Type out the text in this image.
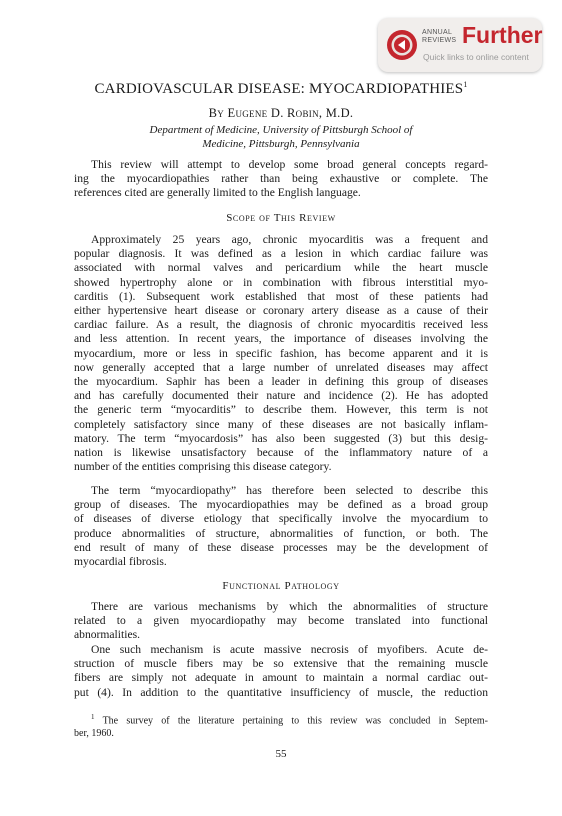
ANNUAL
REVIEWS Further
Quick links to online content
CARDIOVASCULAR DISEASE: MYOCARDIOPATHIES$^1$
By Eugene D. Robin, M.D.
Department of Medicine, University of Pittsburgh School of
Medicine, Pittsburgh, Pennsylvania
This review will attempt to develop some broad general concepts regard-
ing the myocardiopathies rather than being exhaustive or complete. The
references cited are generally limited to the English language.
Scope of This Review
Approximately 25 years ago, chronic myocarditis was a frequent and
popular diagnosis. It was defined as a lesion in which cardiac failure was
associated with normal valves and pericardium while the heart muscle
showed hypertrophy alone or in combination with fibrous interstitial myo-
carditis (1). Subsequent work established that most of these patients had
either hypertensive heart disease or coronary artery disease as a cause of their
cardiac failure. As a result, the diagnosis of chronic myocarditis received less
and less attention. In recent years, the importance of diseases involving the
myocardium, more or less in specific fashion, has become apparent and it is
now generally accepted that a large number of unrelated diseases may affect
the myocardium. Saphir has been a leader in defining this group of diseases
and has carefully documented their nature and incidence (2). He has adopted
the generic term “myocarditis” to describe them. However, this term is not
completely satisfactory since many of these diseases are not basically inflam-
matory. The term “myocardosis” has also been suggested (3) but this desig-
nation is likewise unsatisfactory because of the inflammatory nature of a
number of the entities comprising this disease category.
The term “myocardiopathy” has therefore been selected to describe this
group of diseases. The myocardiopathies may be defined as a broad group
of diseases of diverse etiology that specifically involve the myocardium to
produce abnormalities of structure, abnormalities of function, or both. The
end result of many of these disease processes may be the development of
myocardial fibrosis.
Functional Pathology
There are various mechanisms by which the abnormalities of structure
related to a given myocardiopathy may become translated into functional
abnormalities.
One such mechanism is acute massive necrosis of myofibers. Acute de-
struction of muscle fibers may be so extensive that the remaining muscle
fibers are simply not adequate in amount to maintain a normal cardiac out-
put (4). In addition to the quantitative insufficiency of muscle, the reduction
$^1$ The survey of the literature pertaining to this review was concluded in Septem-
ber, 1960.
55
